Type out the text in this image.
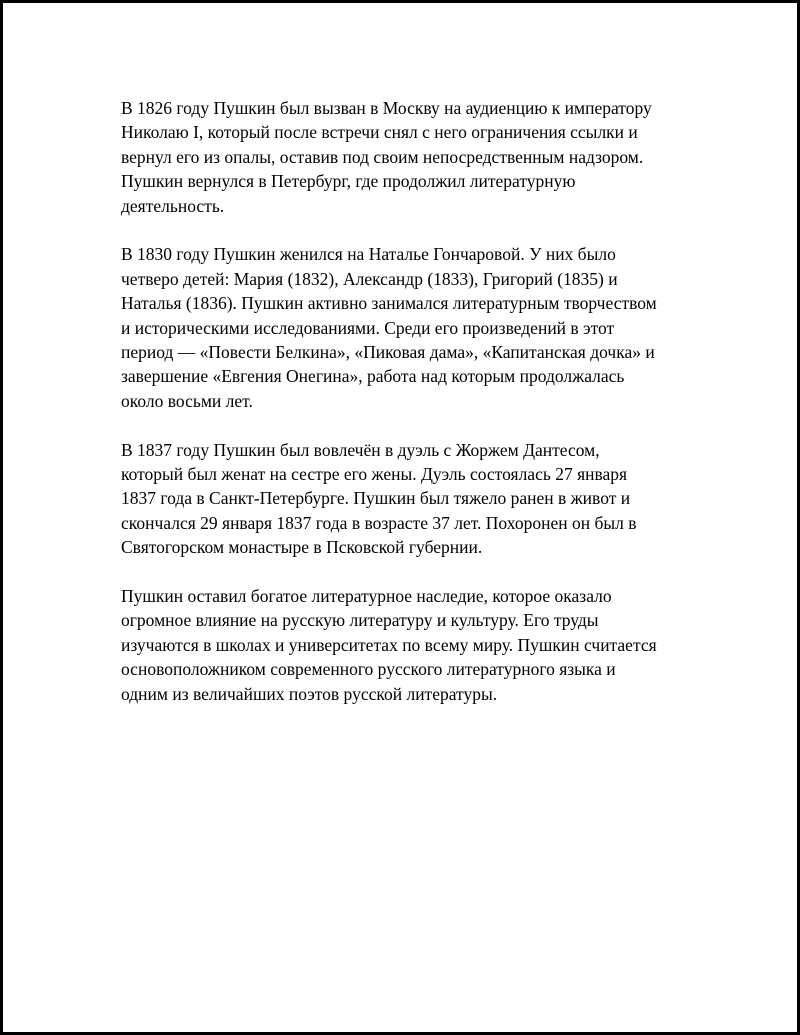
В 1826 году Пушкин был вызван в Москву на аудиенцию к императору
Николаю I, который после встречи снял с него ограничения ссылки и
вернул его из опалы, оставив под своим непосредственным надзором.
Пушкин вернулся в Петербург, где продолжил литературную
деятельность.

В 1830 году Пушкин женился на Наталье Гончаровой. У них было
четверо детей: Мария (1832), Александр (1833), Григорий (1835) и
Наталья (1836). Пушкин активно занимался литературным творчеством
и историческими исследованиями. Среди его произведений в этот
период — «Повести Белкина», «Пиковая дама», «Капитанская дочка» и
завершение «Евгения Онегина», работа над которым продолжалась
около восьми лет.

В 1837 году Пушкин был вовлечён в дуэль с Жоржем Дантесом,
который был женат на сестре его жены. Дуэль состоялась 27 января
1837 года в Санкт-Петербурге. Пушкин был тяжело ранен в живот и
скончался 29 января 1837 года в возрасте 37 лет. Похоронен он был в
Святогорском монастыре в Псковской губернии.

Пушкин оставил богатое литературное наследие, которое оказало
огромное влияние на русскую литературу и культуру. Его труды
изучаются в школах и университетах по всему миру. Пушкин считается
основоположником современного русского литературного языка и
одним из величайших поэтов русской литературы.
